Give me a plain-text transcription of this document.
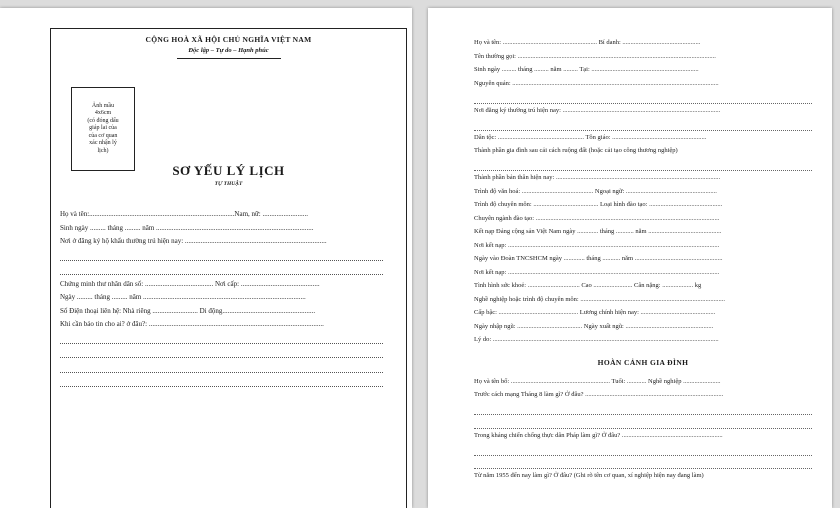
CỘNG HOÀ XÃ HỘI CHỦ NGHĨA VIỆT NAM
Độc lập – Tự do – Hạnh phúc
Ảnh mầu
4x6cm
(có đóng dấu
giáp lai của
của cơ quan
xác nhận lý
lịch)
SƠ YẾU LÝ LỊCH
TỰ THUẬT
Họ và tên:...................................................................................Nam, nữ: ..........................
Sinh ngày ......... tháng ......... năm ..........................................................................................
Nơi ở đăng ký hộ khẩu thường trú hiện nay: .................................................................................
Chứng minh thư nhân dân số: ....................................... Nơi cấp: .............................................
Ngày ......... tháng ......... năm .............................................................................................
Số Điện thoại liên hệ: Nhà riêng .......................... Di động.....................................................
Khi cần báo tin cho ai? ở đâu?: ....................................................................................................
Họ và tên: .......................................................... Bí danh: ................................................
Tên thường gọi: ..........................................................................................................................
Sinh ngày ......... tháng ......... năm ......... Tại: ..................................................................
Nguyên quán: ...............................................................................................................................
Nơi đăng ký thường trú hiện nay: .................................................................................................
Dân tộc: ..................................................... Tôn giáo: ..........................................................
Thành phần gia đình sau cải cách ruộng đất (hoặc cải tạo công thương nghiệp)
Thành phần bản thân hiện nay: .....................................................................................................
Trình độ văn hoá: ............................................ Ngoại ngữ: ........................................................
Trình độ chuyên môn: ........................................ Loại hình đào tạo: .............................................
Chuyên ngành đào tạo: .................................................................................................................
Kết nạp Đảng cộng sản Việt Nam ngày ............. tháng ........... năm .............................................
Nơi kết nạp: ..................................................................................................................................
Ngày vào Đoàn TNCSHCM ngày ............. tháng ........... năm ......................................................
Nơi kết nạp: ..................................................................................................................................
Tình hình sức khoẻ: ................................ Cao ........................ Cân nặng: ................... kg
Nghề nghiệp hoặc trình độ chuyên môn: .........................................................................................
Cấp bậc: ................................................. Lương chính hiện nay: ..............................................
Ngày nhập ngũ: ........................................ Ngày xuất ngũ: ......................................................
Lý do: ...........................................................................................................................................
HOÀN CẢNH GIA ĐÌNH
Họ và tên bố: ............................................................. Tuổi: ............ Nghề nghiệp .......................
Trước cách mạng Tháng 8 làm gì? Ở đâu? .....................................................................................
Trong kháng chiến chống thực dân Pháp làm gì? Ở đâu? ..............................................................
Từ năm 1955 đến nay làm gì? Ở đâu? (Ghi rõ tên cơ quan, xí nghiệp hiện nay đang làm)
